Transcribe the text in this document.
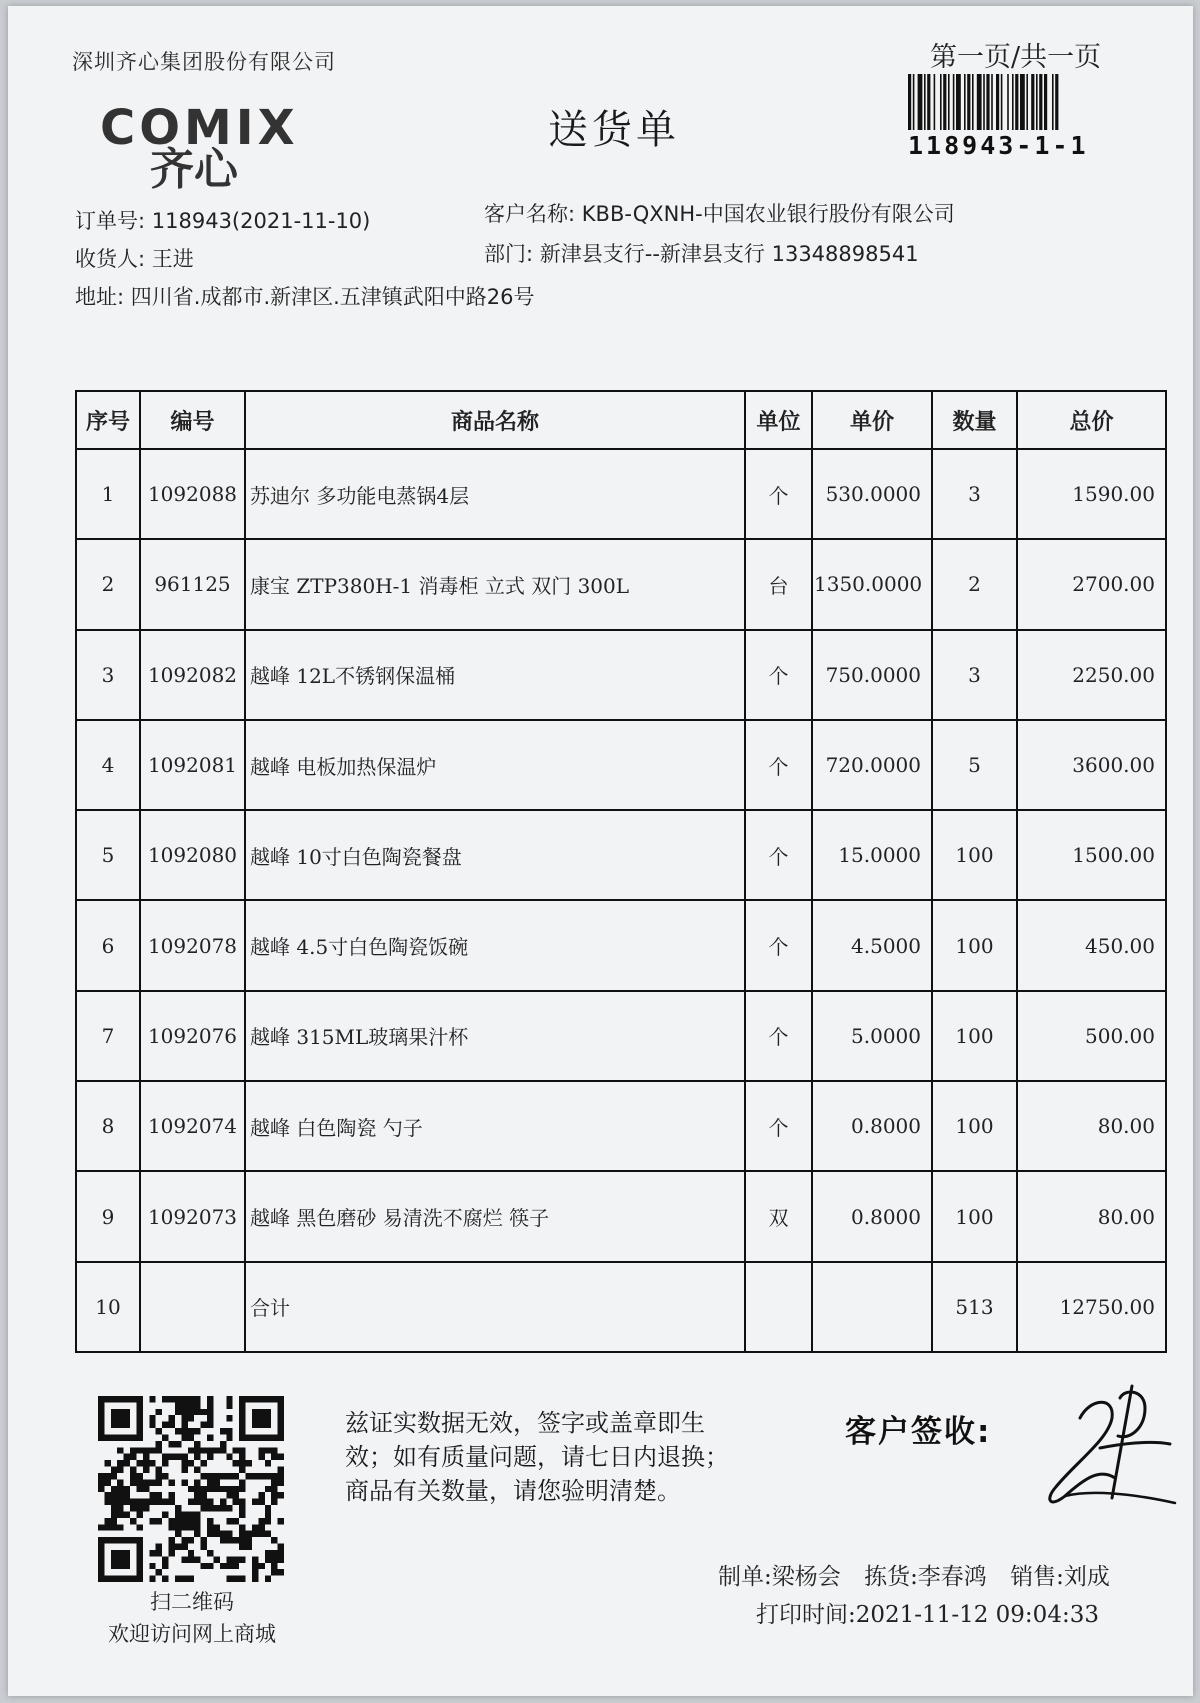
深圳齐心集团股份有限公司
COMIX
齐心
送货单
第一页/共一页
118943-1-1
订单号: 118943(2021-11-10)	客户名称: KBB-QXNH-中国农业银行股份有限公司
收货人: 王进	部门: 新津县支行--新津县支行 13348898541
地址: 四川省.成都市.新津区.五津镇武阳中路26号
序号	编号	商品名称	单位	单价	数量	总价
1	1092088	苏迪尔 多功能电蒸锅4层	个	530.0000	3	1590.00
2	961125	康宝 ZTP380H-1 消毒柜 立式 双门 300L	台	1350.0000	2	2700.00
3	1092082	越峰 12L不锈钢保温桶	个	750.0000	3	2250.00
4	1092081	越峰 电板加热保温炉	个	720.0000	5	3600.00
5	1092080	越峰 10寸白色陶瓷餐盘	个	15.0000	100	1500.00
6	1092078	越峰 4.5寸白色陶瓷饭碗	个	4.5000	100	450.00
7	1092076	越峰 315ML玻璃果汁杯	个	5.0000	100	500.00
8	1092074	越峰 白色陶瓷 勺子	个	0.8000	100	80.00
9	1092073	越峰 黑色磨砂 易清洗不腐烂 筷子	双	0.8000	100	80.00
10		合计			513	12750.00
扫二维码
欢迎访问网上商城
兹证实数据无效，签字或盖章即生
效；如有质量问题，请七日内退换；
商品有关数量，请您验明清楚。
客户签收:
制单:梁杨会 拣货:李春鸿 销售:刘成
打印时间:2021-11-12 09:04:33
